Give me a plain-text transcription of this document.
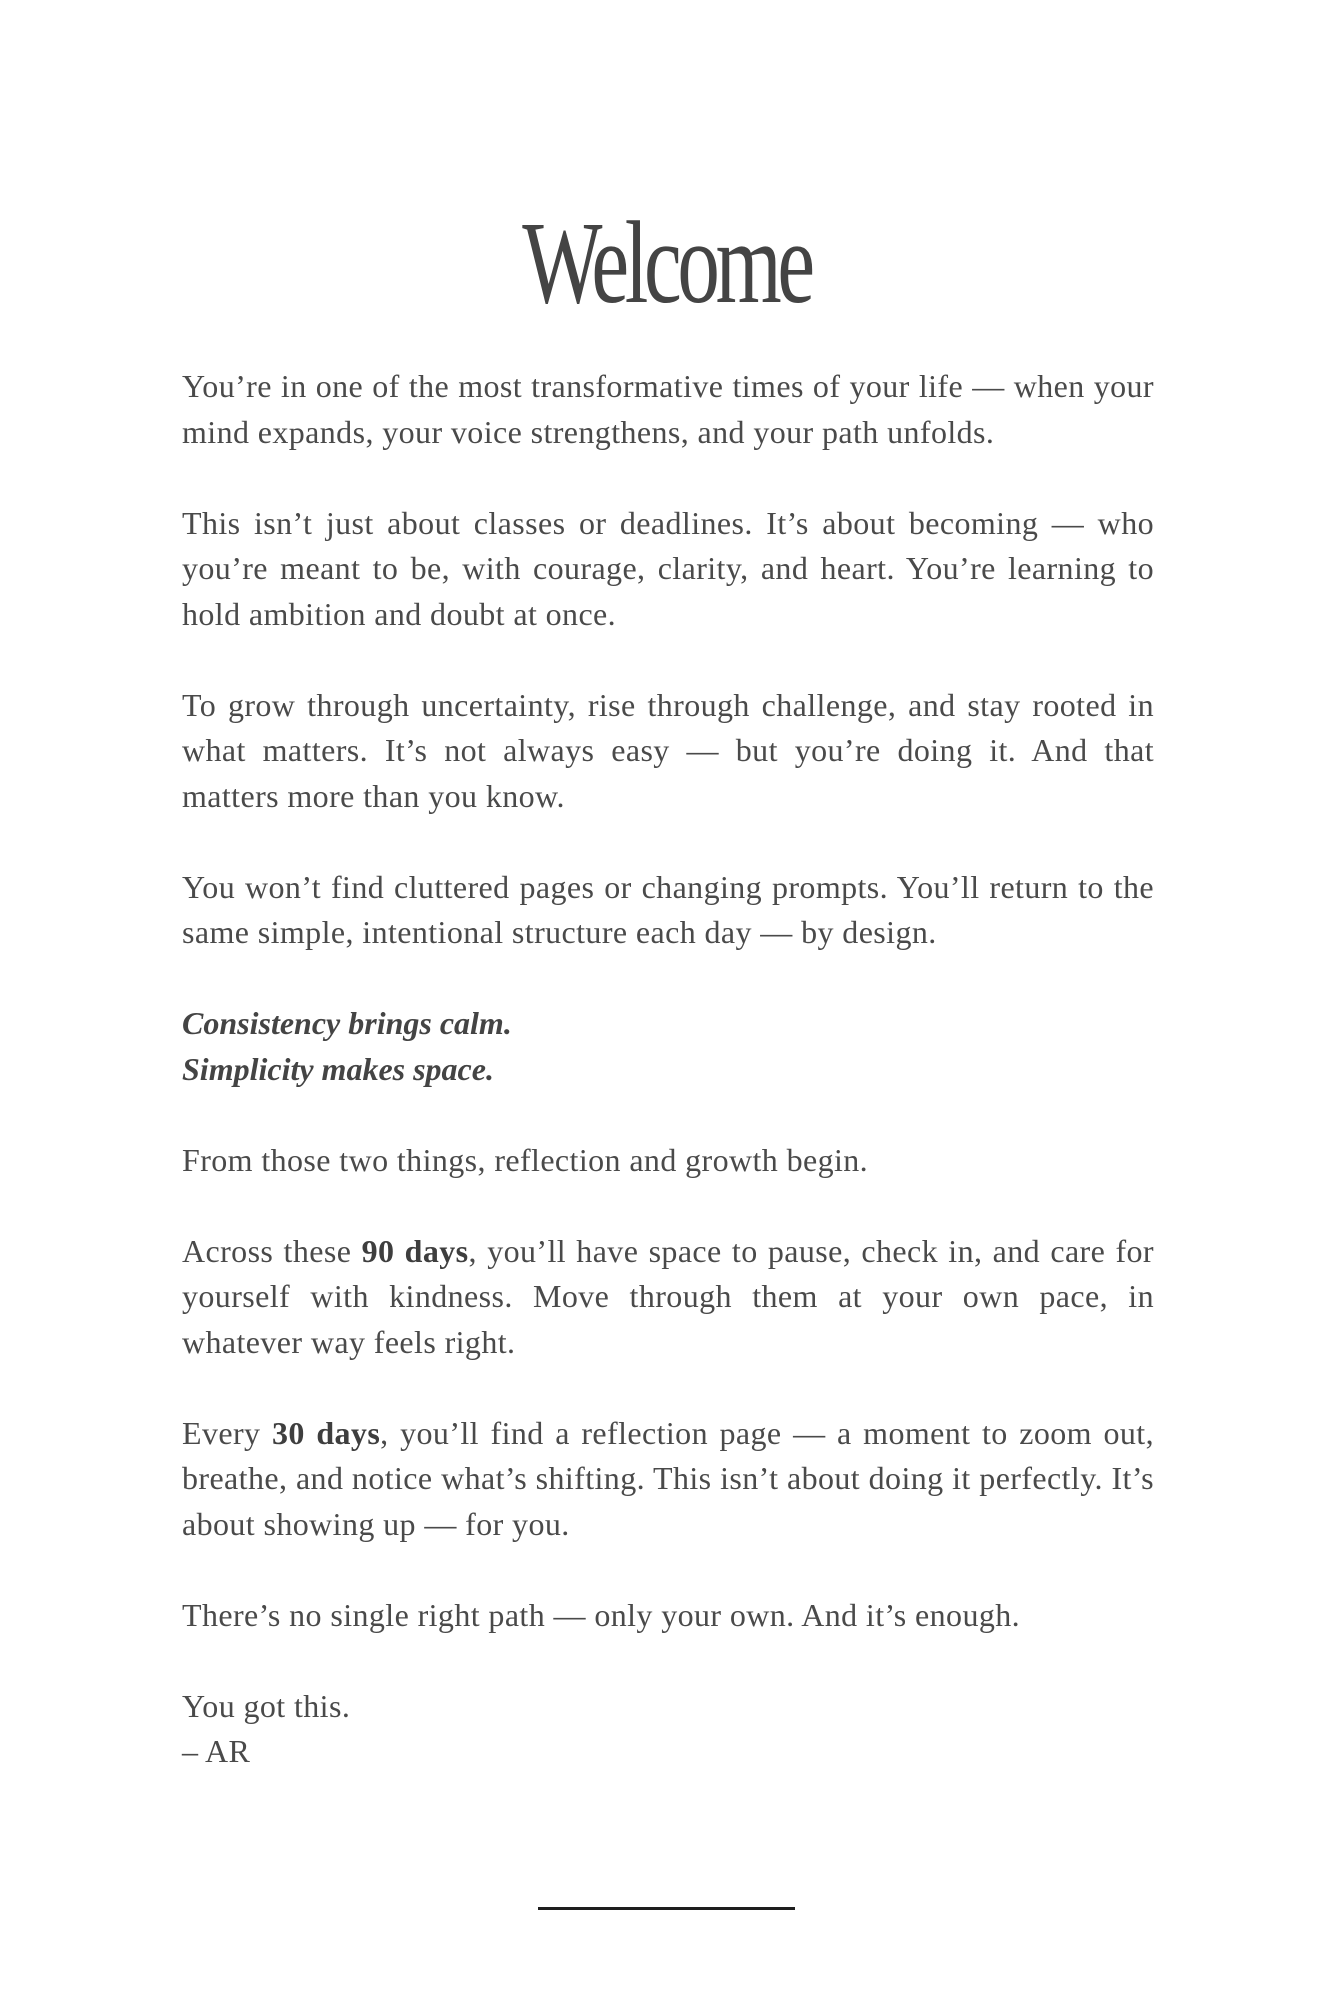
Welcome

You’re in one of the most transformative times of your life — when your mind expands, your voice strengthens, and your path unfolds.

This isn’t just about classes or deadlines. It’s about becoming — who you’re meant to be, with courage, clarity, and heart. You’re learning to hold ambition and doubt at once.

To grow through uncertainty, rise through challenge, and stay rooted in what matters. It’s not always easy — but you’re doing it. And that matters more than you know.

You won’t find cluttered pages or changing prompts. You’ll return to the same simple, intentional structure each day — by design.

Consistency brings calm.
Simplicity makes space.

From those two things, reflection and growth begin.

Across these 90 days, you’ll have space to pause, check in, and care for yourself with kindness. Move through them at your own pace, in whatever way feels right.

Every 30 days, you’ll find a reflection page — a moment to zoom out, breathe, and notice what’s shifting. This isn’t about doing it perfectly. It’s about showing up — for you.

There’s no single right path — only your own. And it’s enough.

You got this.
– AR
